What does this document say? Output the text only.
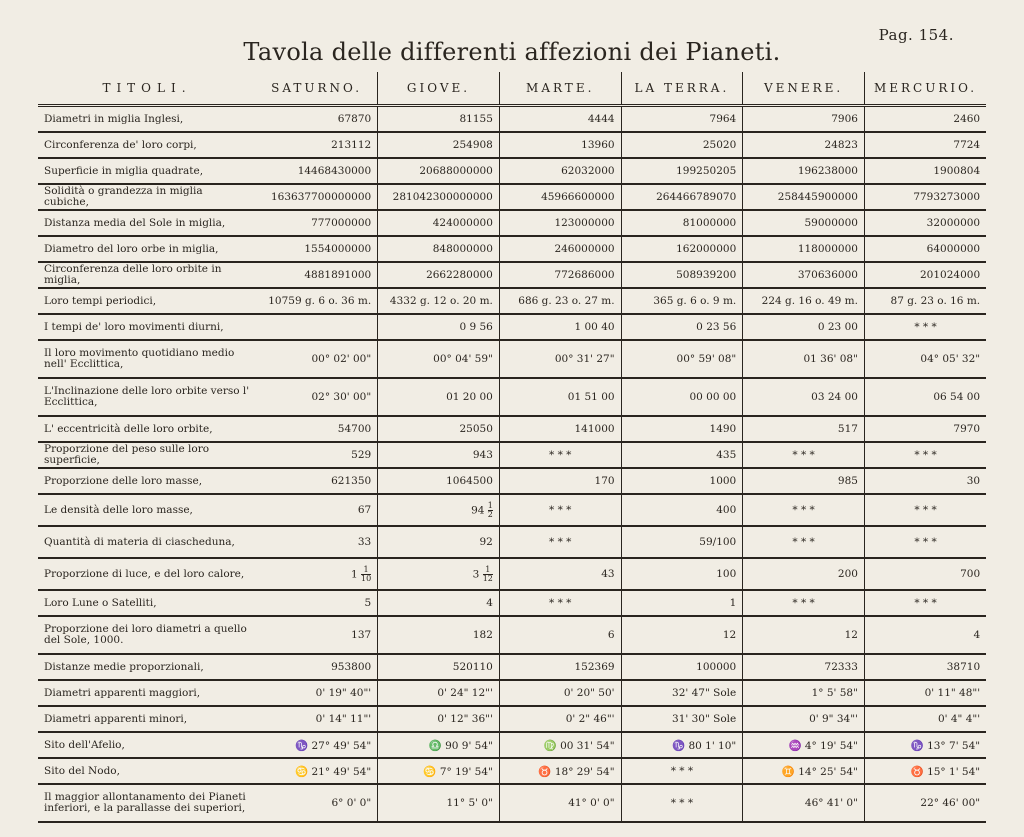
Pag. 154.
Tavola delle differenti affezioni dei Pianeti.
TITOLI.	SATURNO.	GIOVE.	MARTE.	LA TERRA.	VENERE.	MERCURIO.
Diametri in miglia Inglesi,	67870	81155	4444	7964	7906	2460
Circonferenza de' loro corpi,	213112	254908	13960	25020	24823	7724
Superficie in miglia quadrate,	14468430000	20688000000	62032000	199250205	196238000	1900804
Solidità o grandezza in miglia cubiche,	163637700000000	281042300000000	45966600000	264466789070	258445900000	7793273000
Distanza media del Sole in miglia,	777000000	424000000	123000000	81000000	59000000	32000000
Diametro del loro orbe in miglia,	1554000000	848000000	246000000	162000000	118000000	64000000
Circonferenza delle loro orbite in miglia,	4881891000	2662280000	772686000	508939200	370636000	201024000
Loro tempi periodici,	10759 g. 6 o. 36 m.	4332 g. 12 o. 20 m.	686 g. 23 o. 27 m.	365 g. 6 o. 9 m.	224 g. 16 o. 49 m.	87 g. 23 o. 16 m.
I tempi de' loro movimenti diurni,		0 9 56	1 00 40	0 23 56	0 23 00	* * *
Il loro movimento quotidiano medio nell' Ecclittica,	00° 02' 00"	00° 04' 59"	00° 31' 27"	00° 59' 08"	01 36' 08"	04° 05' 32"
L'Inclinazione delle loro orbite verso l' Ecclittica,	02° 30' 00"	01 20 00	01 51 00	00 00 00	03 24 00	06 54 00
L' eccentricità delle loro orbite,	54700	25050	141000	1490	517	7970
Proporzione del peso sulle loro superficie,	529	943	* * *	435	* * *	* * *
Proporzione delle loro masse,	621350	1064500	170	1000	985	30
Le densità delle loro masse,	67	$94 \frac{1}{2}$	* * *	400	* * *	* * *
Quantità di materia di ciascheduna,	33	92	* * *	59/100	* * *	* * *
Proporzione di luce, e del loro calore,	$1 \frac{1}{10}$	$3 \frac{1}{12}$	43	100	200	700
Loro Lune o Satelliti,	5	4	* * *	1	* * *	* * *
Proporzione dei loro diametri a quello del Sole, 1000.	137	182	6	12	12	4
Distanze medie proporzionali,	953800	520110	152369	100000	72333	38710
Diametri apparenti maggiori,	0' 19" 40"'	0' 24" 12"'	0' 20" 50'	32' 47" Sole	1° 5' 58"	0' 11" 48"'
Diametri apparenti minori,	0' 14" 11"'	0' 12" 36"'	0' 2" 46"'	31' 30" Sole	0' 9" 34"'	0' 4" 4"'
Sito dell'Afelio,	♑ 27° 49' 54"	♎ 90 9' 54"	♍ 00 31' 54"	♑ 80 1' 10"	♒ 4° 19' 54"	♑ 13° 7' 54"
Sito del Nodo,	♋ 21° 49' 54"	♋ 7° 19' 54"	♉ 18° 29' 54"	* * *	♊ 14° 25' 54"	♉ 15° 1' 54"
Il maggior allontanamento dei Pianeti inferiori, e la parallasse dei superiori,	6° 0' 0"	11° 5' 0"	41° 0' 0"	* * *	46° 41' 0"	22° 46' 00"
